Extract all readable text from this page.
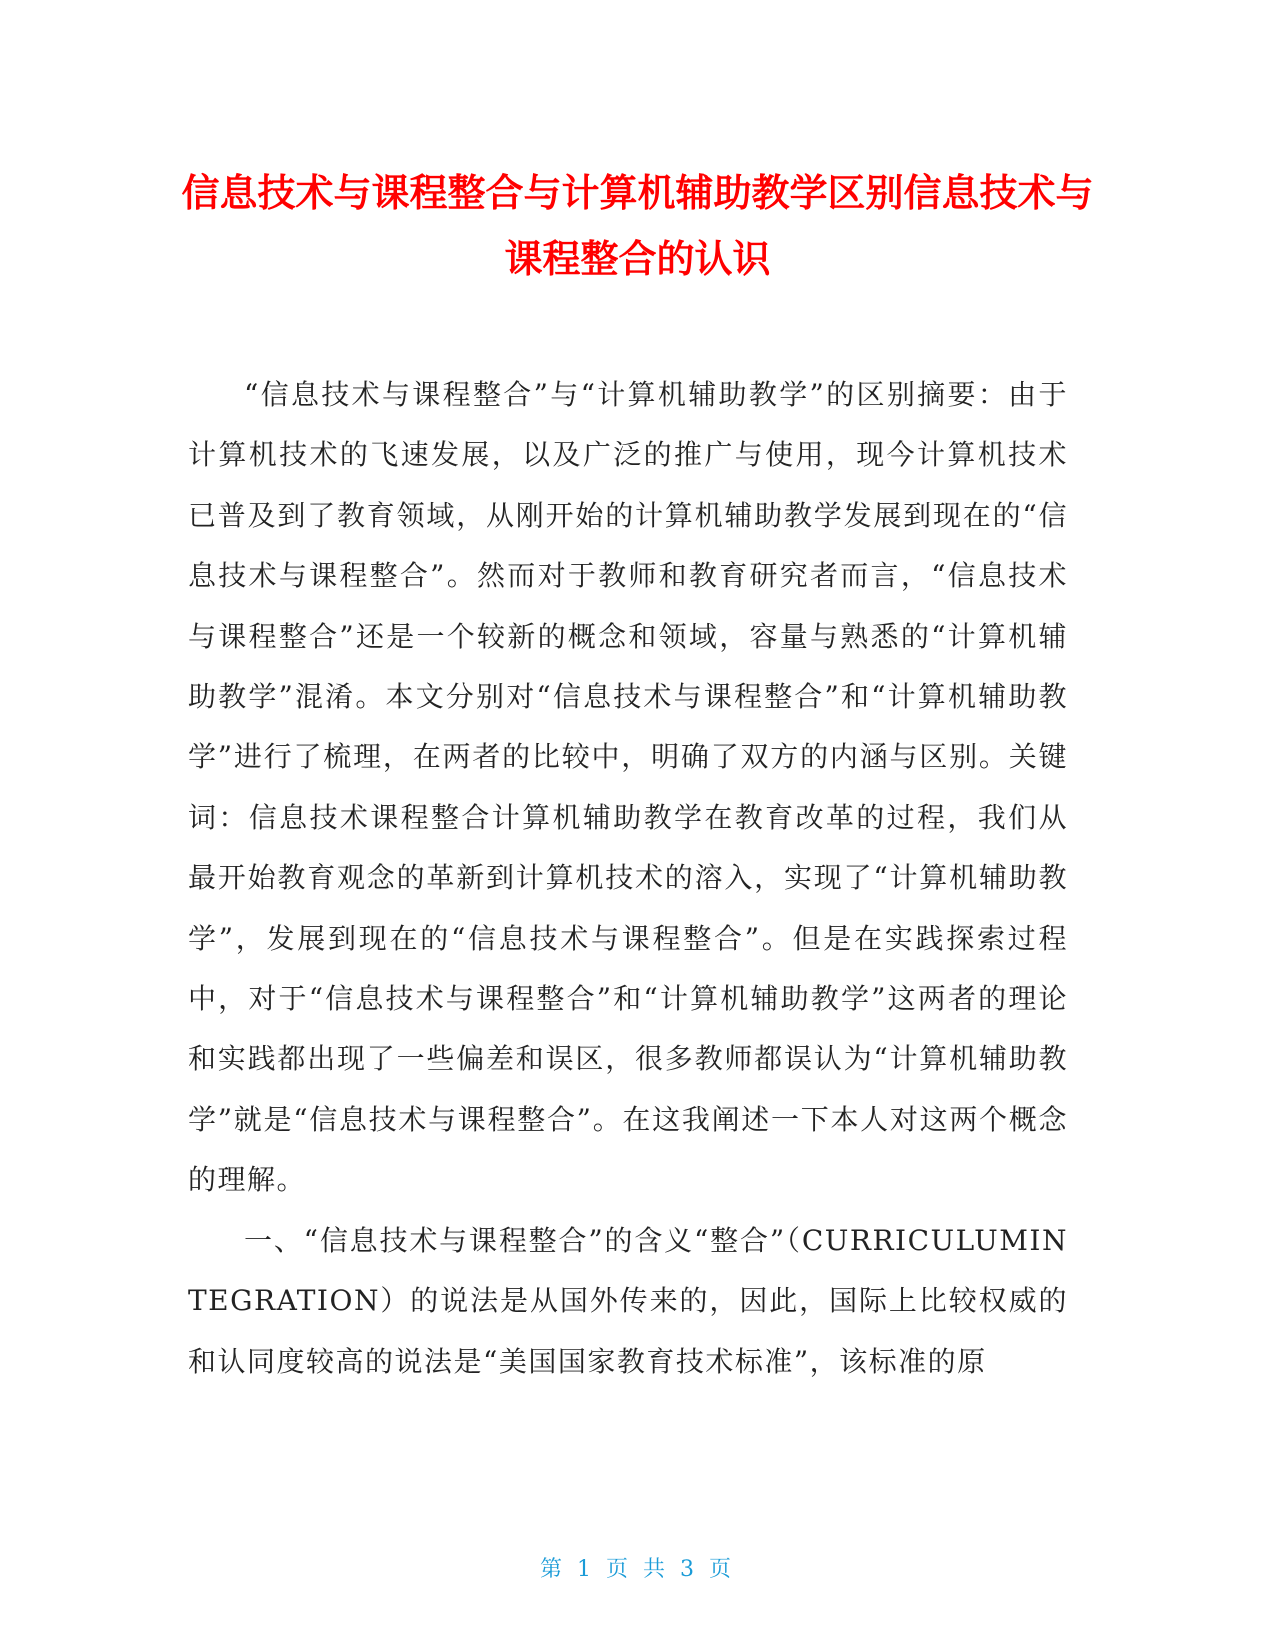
信息技术与课程整合与计算机辅助教学区别信息技术与课程整合的认识

“信息技术与课程整合”与“计算机辅助教学”的区别摘要：由于计算机技术的飞速发展，以及广泛的推广与使用，现今计算机技术已普及到了教育领域，从刚开始的计算机辅助教学发展到现在的“信息技术与课程整合”。然而对于教师和教育研究者而言，“信息技术与课程整合”还是一个较新的概念和领域，容量与熟悉的“计算机辅助教学”混淆。本文分别对“信息技术与课程整合”和“计算机辅助教学”进行了梳理，在两者的比较中，明确了双方的内涵与区别。关键词：信息技术课程整合计算机辅助教学在教育改革的过程，我们从最开始教育观念的革新到计算机技术的溶入，实现了“计算机辅助教学”，发展到现在的“信息技术与课程整合”。但是在实践探索过程中，对于“信息技术与课程整合”和“计算机辅助教学”这两者的理论和实践都出现了一些偏差和误区，很多教师都误认为“计算机辅助教学”就是“信息技术与课程整合”。在这我阐述一下本人对这两个概念的理解。

一、“信息技术与课程整合”的含义“整合”（CURRICULUMINTEGRATION）的说法是从国外传来的，因此，国际上比较权威的和认同度较高的说法是“美国国家教育技术标准”，该标准的原

第 1 页 共 3 页
